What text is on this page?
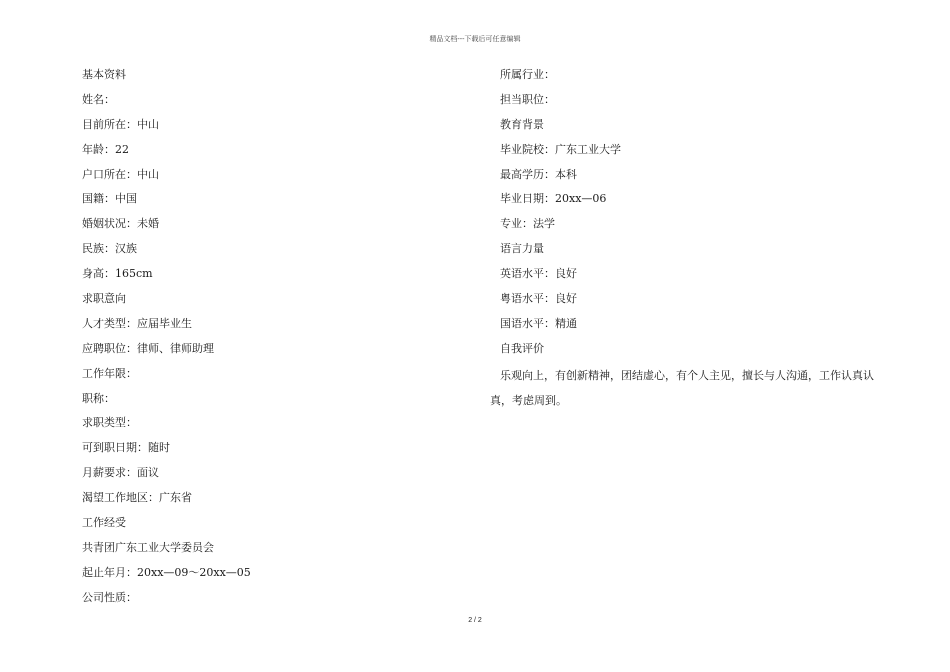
精品文档---下载后可任意编辑
基本资料
姓名：
目前所在：中山
年龄：22
户口所在：中山
国籍：中国
婚姻状况：未婚
民族：汉族
身高：165cm
求职意向
人才类型：应届毕业生
应聘职位：律师、律师助理
工作年限：
职称：
求职类型：
可到职日期：随时
月薪要求：面议
渴望工作地区：广东省
工作经受
共青团广东工业大学委员会
起止年月：20xx—09～20xx—05
公司性质：
所属行业：
担当职位：
教育背景
毕业院校：广东工业大学
最高学历：本科
毕业日期：20xx—06
专业：法学
语言力量
英语水平：良好
粤语水平：良好
国语水平：精通
自我评价
乐观向上，有创新精神，团结虚心，有个人主见，擅长与人沟通，工作认真认真，考虑周到。
2 / 2
